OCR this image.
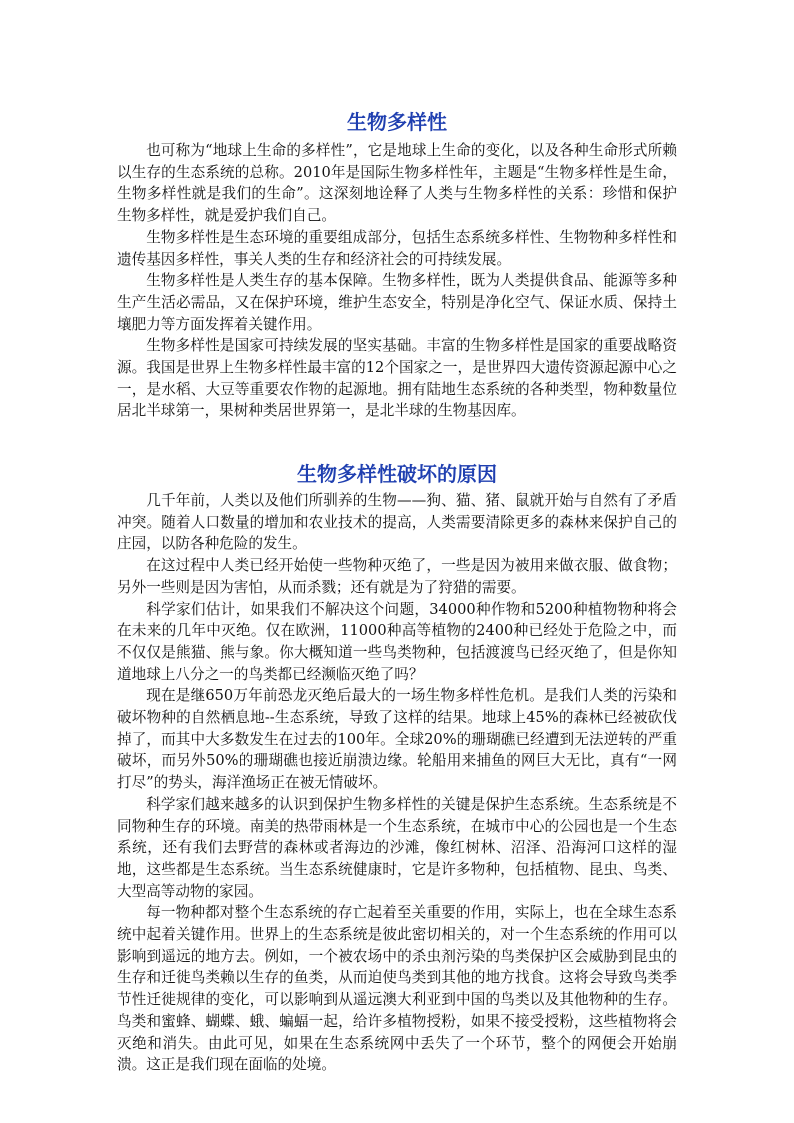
生物多样性

也可称为“地球上生命的多样性”，它是地球上生命的变化，以及各种生命形式所赖以生存的生态系统的总称。2010年是国际生物多样性年，主题是“生物多样性是生命，生物多样性就是我们的生命”。这深刻地诠释了人类与生物多样性的关系：珍惜和保护生物多样性，就是爱护我们自己。

生物多样性是生态环境的重要组成部分，包括生态系统多样性、生物物种多样性和遗传基因多样性，事关人类的生存和经济社会的可持续发展。

生物多样性是人类生存的基本保障。生物多样性，既为人类提供食品、能源等多种生产生活必需品，又在保护环境，维护生态安全，特别是净化空气、保证水质、保持土壤肥力等方面发挥着关键作用。

生物多样性是国家可持续发展的坚实基础。丰富的生物多样性是国家的重要战略资源。我国是世界上生物多样性最丰富的12个国家之一，是世界四大遗传资源起源中心之一，是水稻、大豆等重要农作物的起源地。拥有陆地生态系统的各种类型，物种数量位居北半球第一，果树种类居世界第一，是北半球的生物基因库。

生物多样性破坏的原因

几千年前，人类以及他们所驯养的生物——狗、猫、猪、鼠就开始与自然有了矛盾冲突。随着人口数量的增加和农业技术的提高，人类需要清除更多的森林来保护自己的庄园，以防各种危险的发生。

在这过程中人类已经开始使一些物种灭绝了，一些是因为被用来做衣服、做食物；另外一些则是因为害怕，从而杀戮；还有就是为了狩猎的需要。

科学家们估计，如果我们不解决这个问题，34000种作物和5200种植物物种将会在未来的几年中灭绝。仅在欧洲，11000种高等植物的2400种已经处于危险之中，而不仅仅是熊猫、熊与象。你大概知道一些鸟类物种，包括渡渡鸟已经灭绝了，但是你知道地球上八分之一的鸟类都已经濒临灭绝了吗？

现在是继650万年前恐龙灭绝后最大的一场生物多样性危机。是我们人类的污染和破坏物种的自然栖息地--生态系统，导致了这样的结果。地球上45%的森林已经被砍伐掉了，而其中大多数发生在过去的100年。全球20%的珊瑚礁已经遭到无法逆转的严重破坏，而另外50%的珊瑚礁也接近崩溃边缘。轮船用来捕鱼的网巨大无比，真有“一网打尽”的势头，海洋渔场正在被无情破坏。

科学家们越来越多的认识到保护生物多样性的关键是保护生态系统。生态系统是不同物种生存的环境。南美的热带雨林是一个生态系统，在城市中心的公园也是一个生态系统，还有我们去野营的森林或者海边的沙滩，像红树林、沼泽、沿海河口这样的湿地，这些都是生态系统。当生态系统健康时，它是许多物种，包括植物、昆虫、鸟类、大型高等动物的家园。

每一物种都对整个生态系统的存亡起着至关重要的作用，实际上，也在全球生态系统中起着关键作用。世界上的生态系统是彼此密切相关的，对一个生态系统的作用可以影响到遥远的地方去。例如，一个被农场中的杀虫剂污染的鸟类保护区会威胁到昆虫的生存和迁徙鸟类赖以生存的鱼类，从而迫使鸟类到其他的地方找食。这将会导致鸟类季节性迁徙规律的变化，可以影响到从遥远澳大利亚到中国的鸟类以及其他物种的生存。鸟类和蜜蜂、蝴蝶、蛾、蝙蝠一起，给许多植物授粉，如果不接受授粉，这些植物将会灭绝和消失。由此可见，如果在生态系统网中丢失了一个环节，整个的网便会开始崩溃。这正是我们现在面临的处境。
